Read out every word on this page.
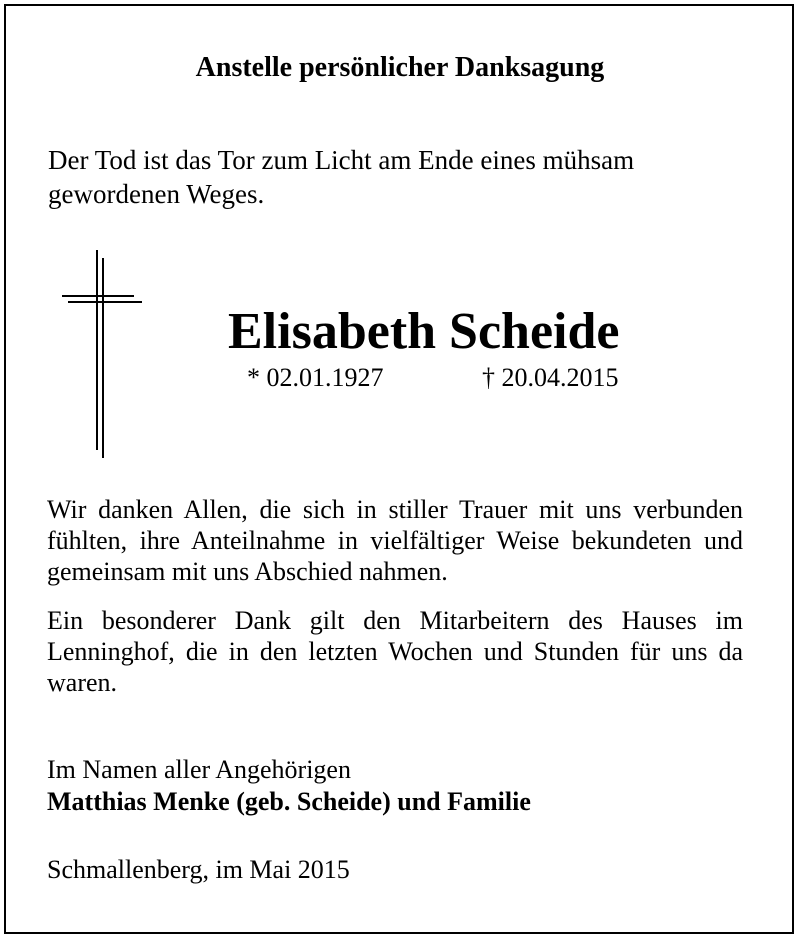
Anstelle persönlicher Danksagung
Der Tod ist das Tor zum Licht am Ende eines mühsam gewordenen Weges.
Elisabeth Scheide
* 02.01.1927	† 20.04.2015
Wir danken Allen, die sich in stiller Trauer mit uns verbunden fühlten, ihre Anteilnahme in vielfältiger Weise bekundeten und gemeinsam mit uns Abschied nahmen.
Ein besonderer Dank gilt den Mitarbeitern des Hauses im Lenninghof, die in den letzten Wochen und Stunden für uns da waren.
Im Namen aller Angehörigen
Matthias Menke (geb. Scheide) und Familie
Schmallenberg, im Mai 2015
